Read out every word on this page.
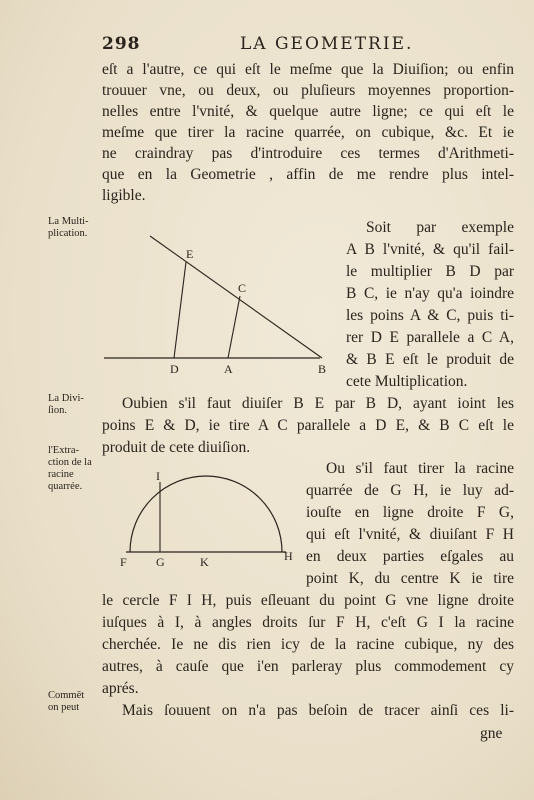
298	LA GEOMETRIE.
eſt a l'autre, ce qui eſt le meſme que la Diuiſion; ou enfin
trouuer vne, ou deux, ou pluſieurs moyennes proportion-
nelles entre l'vnité, & quelque autre ligne; ce qui eſt le
meſme que tirer la racine quarrée, on cubique, &c. Et ie
ne craindray pas d'introduire ces termes d'Arithmeti-
que en la Geometrie , affin de me rendre plus intel-
ligible.
La Multi-
plication.
La Divi-
ſion.
l'Extra-
ction de la
racine
quarrée.
Commēt
on peut
E
C
D	A	B
Soit par exemple
A B l'vnité, & qu'il fail-
le multiplier B D par
B C, ie n'ay qu'a ioindre
les poins A & C, puis ti-
rer D E parallele a C A,
& B E eſt le produit de
cete Multiplication.
Oubien s'il faut diuiſer B E par B D, ayant ioint les
poins E & D, ie tire A C parallele a D E, & B C eſt le
produit de cete diuiſion.
I
F G	K	H
Ou s'il faut tirer la racine
quarrée de G H, ie luy ad-
iouſte en ligne droite F G,
qui eſt l'vnité, & diuiſant F H
en deux parties eſgales au
point K, du centre K ie tire
le cercle F I H, puis eſleuant du point G vne ligne droite
iuſques à I, à angles droits ſur F H, c'eſt G I la racine
cherchée. Ie ne dis rien icy de la racine cubique, ny des
autres, à cauſe que i'en parleray plus commodement cy
aprés.
Mais ſouuent on n'a pas beſoin de tracer ainſi ces li-
gne
